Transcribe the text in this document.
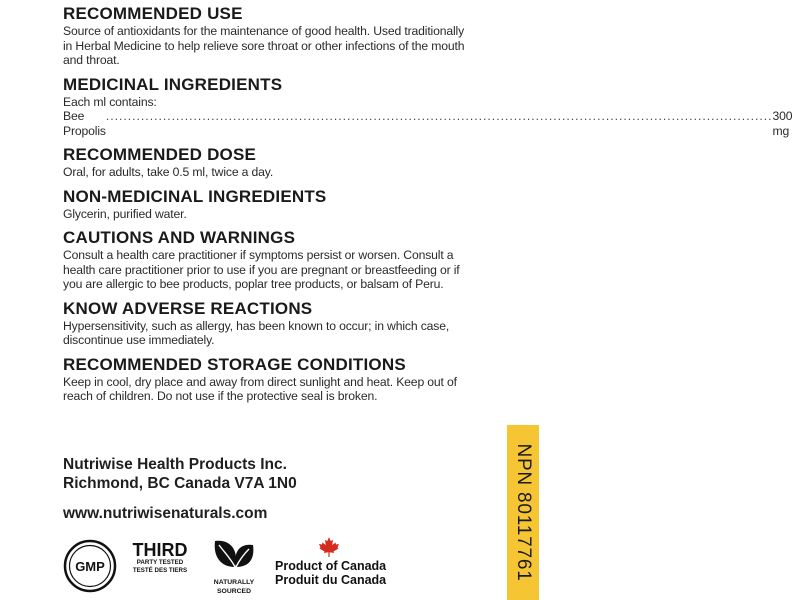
RECOMMENDED USE
Source of antioxidants for the maintenance of good health. Used traditionally
in Herbal Medicine to help relieve sore throat or other infections of the mouth
and throat.
MEDICINAL INGREDIENTS
Each ml contains:
Bee Propolis
........................................................................................................................................................ 300 mg
RECOMMENDED DOSE
Oral, for adults, take 0.5 ml, twice a day.
NON-MEDICINAL INGREDIENTS
Glycerin, purified water.
CAUTIONS AND WARNINGS
Consult a health care practitioner if symptoms persist or worsen. Consult a
health care practitioner prior to use if you are pregnant or breastfeeding or if
you are allergic to bee products, poplar tree products, or balsam of Peru.
KNOW ADVERSE REACTIONS
Hypersensitivity, such as allergy, has been known to occur; in which case,
discontinue use immediately.
RECOMMENDED STORAGE CONDITIONS
Keep in cool, dry place and away from direct sunlight and heat. Keep out of
reach of children. Do not use if the protective seal is broken.
Nutriwise Health Products Inc.
Richmond, BC Canada V7A 1N0
www.nutriwisenaturals.com
GMP
THIRD
PARTY TESTED
TESTÉ DES TIERS
NATURALLY
SOURCED
Product of Canada
Produit du Canada	NPN 80117761
